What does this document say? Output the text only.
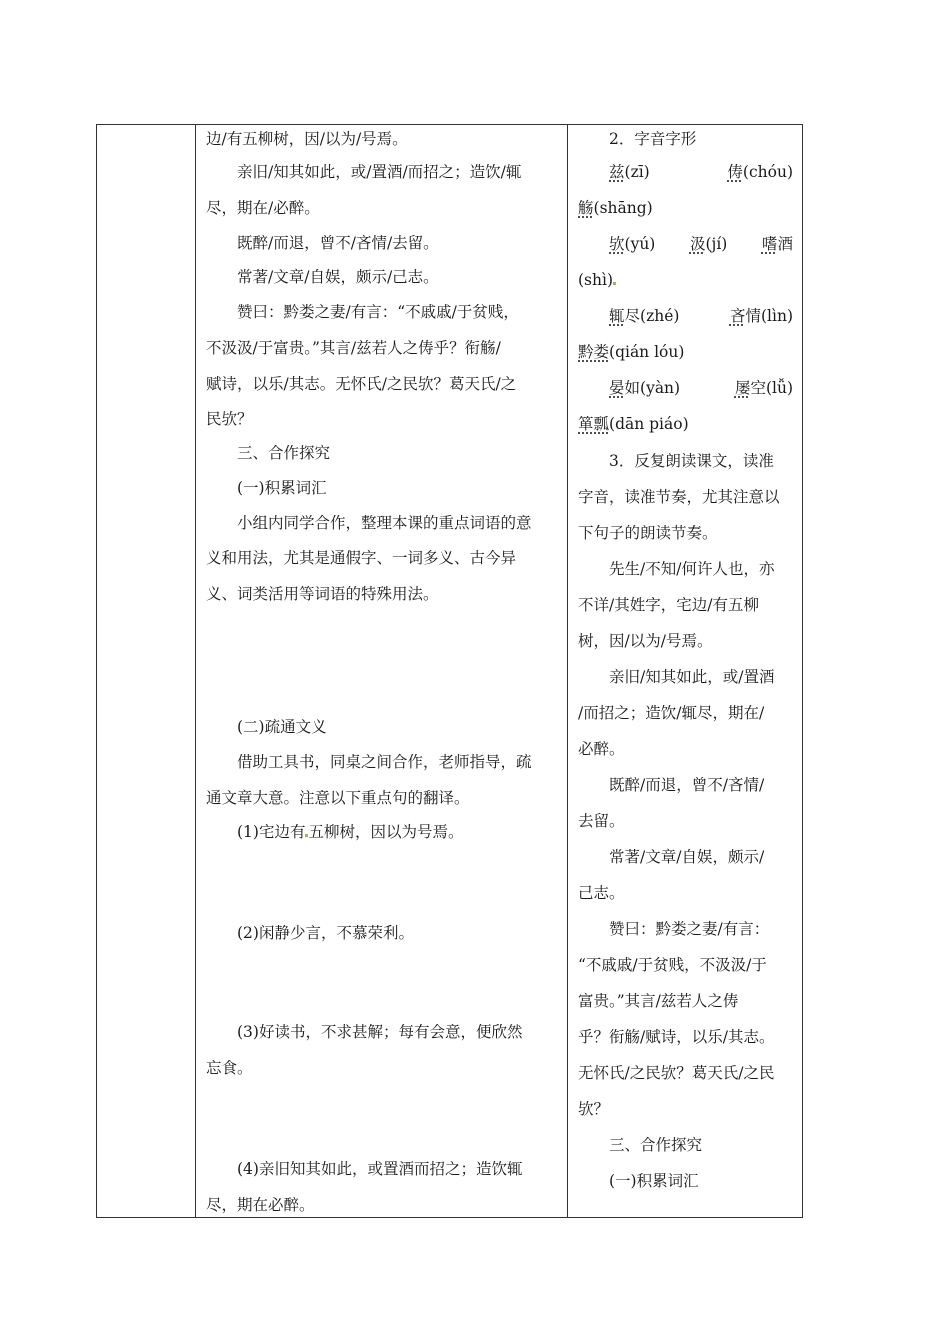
边/有五柳树，因/以为/号焉。
亲旧/知其如此，或/置酒/而招之；造饮/辄
尽，期在/必醉。
既醉/而退，曾不/吝情/去留。
常著/文章/自娱，颇示/己志。
赞曰：黔娄之妻/有言：“不戚戚/于贫贱，
不汲汲/于富贵。”其言/兹若人之俦乎？衔觞/
赋诗，以乐/其志。无怀氏/之民欤？葛天氏/之
民欤？
三、合作探究
(一)积累词汇
小组内同学合作，整理本课的重点词语的意
义和用法，尤其是通假字、一词多义、古今异
义、词类活用等词语的特殊用法。
(二)疏通文义
借助工具书，同桌之间合作，老师指导，疏
通文章大意。注意以下重点句的翻译。
(1)宅边有 五柳树，因以为号焉。
(2)闲静少言，不慕荣利。
(3)好读书，不求甚解；每有会意，便欣然
忘食。
(4)亲旧知其如此，或置酒而招之；造饮辄
尽，期在必醉。
2．字音字形
兹(zī)	俦(chóu)
觞(shāng)
欤(yú) 汲(jí) 嗜酒
(shì)
辄尽(zhé)	吝情(lìn)
黔娄(qián lóu)
晏如(yàn)	屡空(lǚ)
箪瓢(dān piáo)
3．反复朗读课文，读准
字音，读准节奏，尤其注意以
下句子的朗读节奏。
先生/不知/何许人也，亦
不详/其姓字，宅边/有五柳
树，因/以为/号焉。
亲旧/知其如此，或/置酒
/而招之；造饮/辄尽，期在/
必醉。
既醉/而退，曾不/吝情/
去留。
常著/文章/自娱，颇示/
己志。
赞曰：黔娄之妻/有言：
“不戚戚/于贫贱，不汲汲/于
富贵。”其言/兹若人之俦
乎？衔觞/赋诗，以乐/其志。
无怀氏/之民欤？葛天氏/之民
欤？
三、合作探究
(一)积累词汇
